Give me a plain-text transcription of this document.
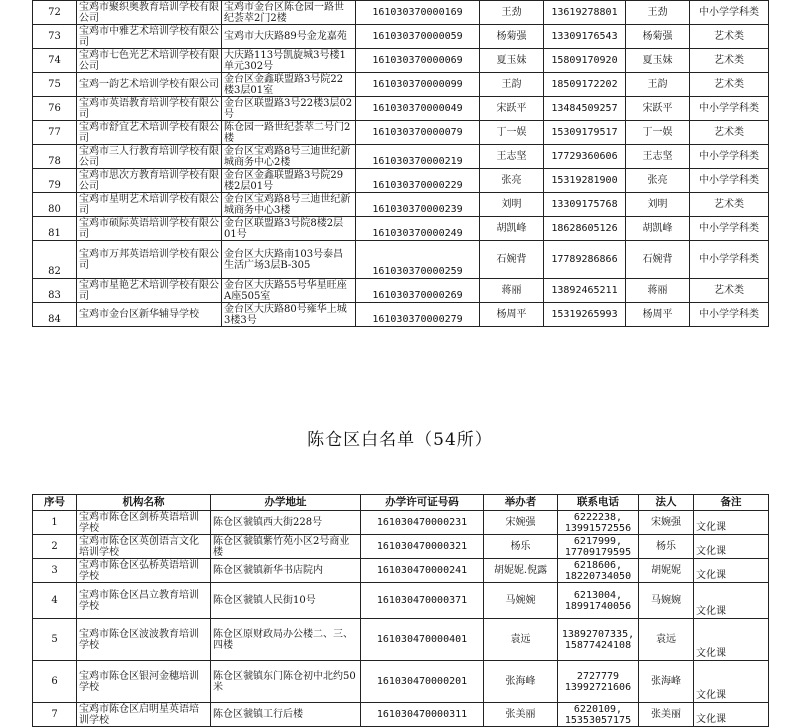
72	宝鸡市聚织奥教育培训学校有限公司	宝鸡市金台区陈仓园一路世纪荟萃2门2楼	161030370000169	王劲	13619278801	王劲	中小学学科类
73	宝鸡市中雅艺术培训学校有限公司	宝鸡市大庆路89号金龙嘉苑	161030370000059	杨菊强	13309176543	杨菊强	艺术类
74	宝鸡市七色光艺术培训学校有限公司	大庆路113号凯旋城3号楼1单元302号	161030370000069	夏玉妹	15809170920	夏玉妹	艺术类
75	宝鸡一韵艺术培训学校有限公司	金台区金鑫联盟路3号院22楼3层01室	161030370000099	王韵	18509172202	王韵	艺术类
76	宝鸡市英语教育培训学校有限公司	金台区联盟路3号22楼3层02号	161030370000049	宋跃平	13484509257	宋跃平	中小学学科类
77	宝鸡市舒宜艺术培训学校有限公司	陈仓园一路世纪荟萃二号门2楼	161030370000079	丁一娱	15309179517	丁一娱	艺术类
78	宝鸡市三人行教育培训学校有限公司	金台区宝鸡路8号三迪世纪新城商务中心2楼	161030370000219	王志坚	17729360606	王志坚	中小学学科类
79	宝鸡市思次方教育培训学校有限公司	金台区金鑫联盟路3号院29楼2层01号	161030370000229	张亮	15319281900	张亮	中小学学科类
80	宝鸡市星明艺术培训学校有限公司	金台区宝鸡路8号三迪世纪新城商务中心3楼	161030370000239	刘明	13309175768	刘明	艺术类
81	宝鸡市硕际英语培训学校有限公司	金台区联盟路3号院8楼2层01号	161030370000249	胡凯峰	18628605126	胡凯峰	中小学学科类
82	宝鸡市万邦英语培训学校有限公司	金台区大庆路南103号泰昌生活广场3层B-305	161030370000259	石婉背	17789286866	石婉背	中小学学科类
83	宝鸡市星艳艺术培训学校有限公司	金台区大庆路55号华星旺座A座505室	161030370000269	蒋丽	13892465211	蒋丽	艺术类
84	宝鸡市金台区新华辅导学校	金台区大庆路80号雍华上城3楼3号	161030370000279	杨周平	15319265993	杨周平	中小学学科类
陈仓区白名单（54所）
序号	机构名称	办学地址	办学许可证号码	举办者	联系电话	法人	备注
1	宝鸡市陈仓区剑桥英语培训学校	陈仓区虢镇西大街228号	161030470000231	宋婉强	6222238, 13991572556	宋婉强	文化课
2	宝鸡市陈仓区英创语言文化培训学校	陈仓区虢镇紫竹苑小区2号商业楼	161030470000321	杨乐	6217999, 17709179595	杨乐	文化课
3	宝鸡市陈仓区弘桥英语培训学校	陈仓区虢镇新华书店院内	161030470000241	胡妮妮.倪露	6218606, 18220734050	胡妮妮	文化课
4	宝鸡市陈仓区昌立教育培训学校	陈仓区虢镇人民街10号	161030470000371	马婉婉	6213004, 18991740056	马婉婉	文化课
5	宝鸡市陈仓区波波教育培训学校	陈仓区原财政局办公楼二、三、四楼	161030470000401	袁远	13892707335, 15877424108	袁远	文化课
6	宝鸡市陈仓区银河金穗培训学校	陈仓区虢镇东门陈仓初中北约50米	161030470000201	张海峰	2727779 13992721606	张海峰	文化课
7	宝鸡市陈仓区启明星英语培训学校	陈仓区虢镇工行后楼	161030470000311	张美丽	6220109, 15353057175	张美丽	文化课
